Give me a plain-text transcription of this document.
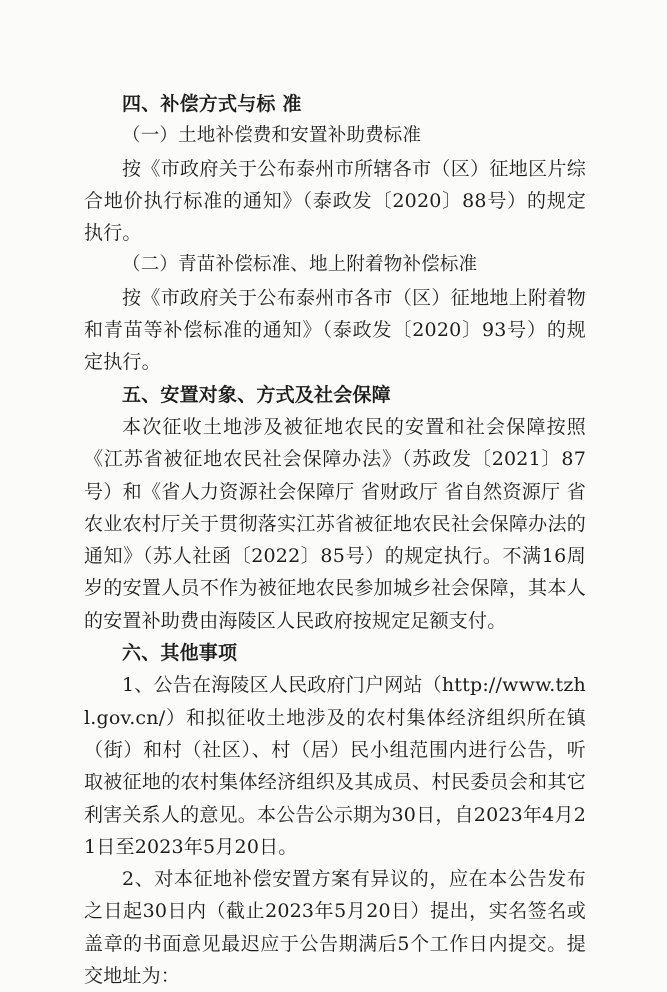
四、补偿方式与标 准

（一）土地补偿费和安置补助费标准

按《市政府关于公布泰州市所辖各市（区）征地区片综合地价执行标准的通知》（泰政发〔2020〕88号）的规定执行。

（二）青苗补偿标准、地上附着物补偿标准

按《市政府关于公布泰州市各市（区）征地地上附着物和青苗等补偿标准的通知》（泰政发〔2020〕93号）的规定执行。

五、安置对象、方式及社会保障

本次征收土地涉及被征地农民的安置和社会保障按照《江苏省被征地农民社会保障办法》（苏政发〔2021〕87号）和《省人力资源社会保障厅 省财政厅 省自然资源厅 省农业农村厅关于贯彻落实江苏省被征地农民社会保障办法的通知》（苏人社函〔2022〕85号）的规定执行。不满16周岁的安置人员不作为被征地农民参加城乡社会保障，其本人的安置补助费由海陵区人民政府按规定足额支付。

六、其他事项

1、公告在海陵区人民政府门户网站（http://www.tzhl.gov.cn/）和拟征收土地涉及的农村集体经济组织所在镇（街）和村（社区）、村（居）民小组范围内进行公告，听取被征地的农村集体经济组织及其成员、村民委员会和其它利害关系人的意见。本公告公示期为30日，自2023年4月21日至2023年5月20日。

2、对本征地补偿安置方案有异议的，应在本公告发布之日起30日内（截止2023年5月20日）提出，实名签名或盖章的书面意见最迟应于公告期满后5个工作日内提交。提交地址为：
